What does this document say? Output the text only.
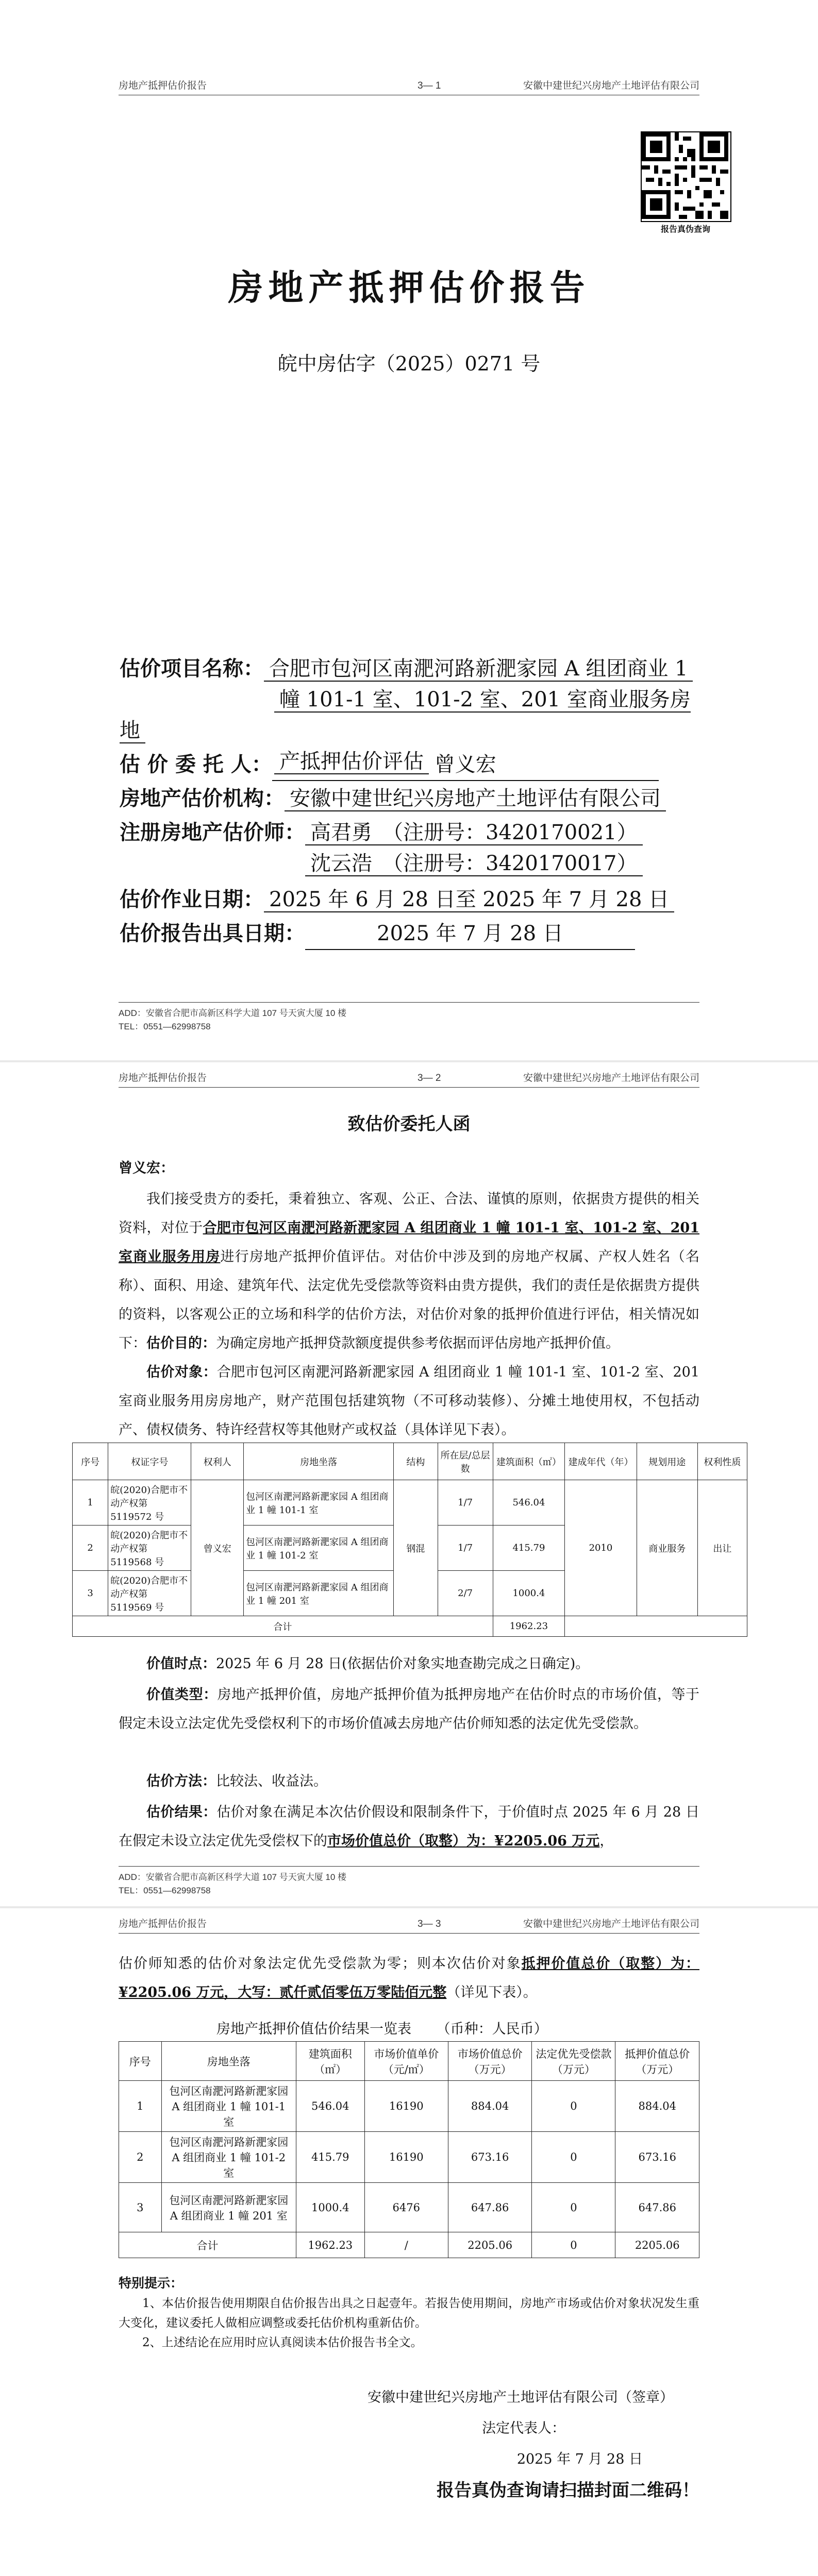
房地产抵押估价报告	3— 1	安徽中建世纪兴房地产土地评估有限公司
报告真伪查询
房地产抵押估价报告
皖中房估字（2025）0271 号
估价项目名称： 合肥市包河区南淝河路新淝家园 A 组团商业 1
幢 101-1 室、101-2 室、201 室商业服务房地
产抵押估价评估
估 价 委 托 人：	曾义宏
房地产估价机构： 安徽中建世纪兴房地产土地评估有限公司
注册房地产估价师： 高君勇　（注册号：3420170021）
沈云浩　（注册号：3420170017）
估价作业日期： 2025 年 6 月 28 日至 2025 年 7 月 28 日
估价报告出具日期：	2025 年 7 月 28 日
ADD：安徽省合肥市高新区科学大道 107 号天寅大厦 10 楼
TEL：0551—62998758
房地产抵押估价报告	3— 2	安徽中建世纪兴房地产土地评估有限公司
致估价委托人函
曾义宏：
我们接受贵方的委托，秉着独立、客观、公正、合法、谨慎的原则，依据贵方提供的相关资料，对位于合肥市包河区南淝河路新淝家园 A 组团商业 1 幢 101-1 室、101-2 室、201 室商业服务用房进行房地产抵押价值评估。对估价中涉及到的房地产权属、产权人姓名（名称）、面积、用途、建筑年代、法定优先受偿款等资料由贵方提供，我们的责任是依据贵方提供的资料，以客观公正的立场和科学的估价方法，对估价对象的抵押价值进行评估，相关情况如下： 估价目的：为确定房地产抵押贷款额度提供参考依据而评估房地产抵押价值。
估价对象：合肥市包河区南淝河路新淝家园 A 组团商业 1 幢 101-1 室、101-2 室、201 室商业服务用房房地产，财产范围包括建筑物（不可移动装修）、分摊土地使用权，不包括动产、债权债务、特许经营权等其他财产或权益（具体详见下表）。
序号	权证字号	权利人	房地坐落	结构	所在层/总层数	建筑面积（㎡）	建成年代（年）	规划用途	权利性质
1	皖(2020)合肥市不动产权第 5119572 号	曾义宏	包河区南淝河路新淝家园 A 组团商业 1 幢 101-1 室	钢混	1/7	546.04	2010	商业服务	出让
2	皖(2020)合肥市不动产权第 5119568 号		包河区南淝河路新淝家园 A 组团商业 1 幢 101-2 室		1/7	415.79			
3	皖(2020)合肥市不动产权第 5119569 号		包河区南淝河路新淝家园 A 组团商业 1 幢 201 室		2/7	1000.4			
合计						1962.23			
价值时点：2025 年 6 月 28 日(依据估价对象实地查勘完成之日确定)。
价值类型：房地产抵押价值，房地产抵押价值为抵押房地产在估价时点的市场价值，等于假定未设立法定优先受偿权利下的市场价值减去房地产估价师知悉的法定优先受偿款。
估价方法：比较法、收益法。
估价结果：估价对象在满足本次估价假设和限制条件下，于价值时点 2025 年 6 月 28 日在假定未设立法定优先受偿权下的市场价值总价（取整）为：¥2205.06 万元，
ADD：安徽省合肥市高新区科学大道 107 号天寅大厦 10 楼
TEL：0551—62998758
房地产抵押估价报告	3— 3	安徽中建世纪兴房地产土地评估有限公司
估价师知悉的估价对象法定优先受偿款为零；则本次估价对象抵押价值总价（取整）为：¥2205.06 万元，大写：贰仟贰佰零伍万零陆佰元整（详见下表）。
房地产抵押价值估价结果一览表 （币种：人民币）
序号	房地坐落	建筑面积（㎡）	市场价值单价（元/㎡）	市场价值总价（万元）	法定优先受偿款（万元）	抵押价值总价（万元）
1	包河区南淝河路新淝家园 A 组团商业 1 幢 101-1 室	546.04	16190	884.04	0	884.04
2	包河区南淝河路新淝家园 A 组团商业 1 幢 101-2 室	415.79	16190	673.16	0	673.16
3	包河区南淝河路新淝家园 A 组团商业 1 幢 201 室	1000.4	6476	647.86	0	647.86
合计		1962.23	/	2205.06	0	2205.06
特别提示：
1、本估价报告使用期限自估价报告出具之日起壹年。若报告使用期间，房地产市场或估价对象状况发生重大变化，建议委托人做相应调整或委托估价机构重新估价。
2、上述结论在应用时应认真阅读本估价报告书全文。
安徽中建世纪兴房地产土地评估有限公司（签章）
法定代表人：
2025 年 7 月 28 日
报告真伪查询请扫描封面二维码！
